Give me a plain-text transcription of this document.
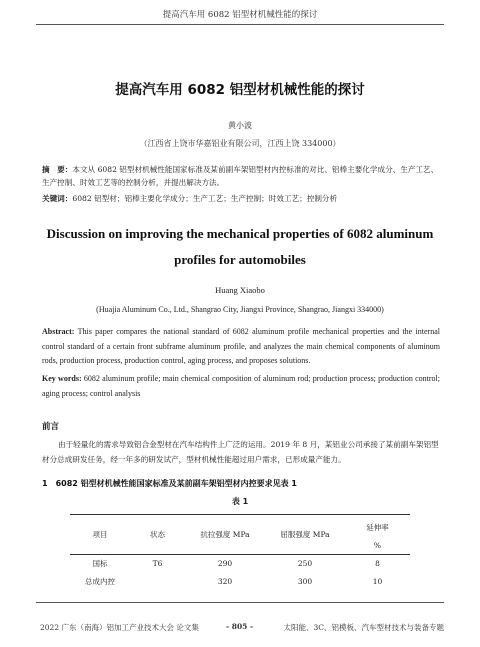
提高汽车用 6082 铝型材机械性能的探讨
提高汽车用 6082 铝型材机械性能的探讨
黄小波
（江西省上饶市华嘉铝业有限公司，江西上饶 334000）
摘　要：本文从 6082 铝型材机械性能国家标准及某前副车架铝型材内控标准的对比、铝棒主要化学成分、生产工艺、生产控制、时效工艺等的控制分析，并提出解决方法。
关键词：6082 铝型材；铝棒主要化学成分；生产工艺；生产控制；时效工艺；控制分析
Discussion on improving the mechanical properties of 6082 aluminum
profiles for automobiles
Huang Xiaobo
(Huajia Aluminum Co., Ltd., Shangrao City, Jiangxi Province, Shangrao, Jiangxi 334000)
Abstract: This paper compares the national standard of 6082 aluminum profile mechanical properties and the internal control standard of a certain front subframe aluminum profile, and analyzes the main chemical components of aluminum rods, production process, production control, aging process, and proposes solutions.
Key words: 6082 aluminum profile; main chemical composition of aluminum rod; production process; production control; aging process; control analysis
前言
由于轻量化的需求导致铝合金型材在汽车结构件上广泛的运用。2019 年 8 月，某铝业公司承接了某前副车架铝型材分总成研发任务，经一年多的研发试产，型材机械性能超过用户需求，已形成量产能力。
1　6082 铝型材机械性能国家标准及某前副车架铝型材内控要求见表 1
表 1
项目	状态	抗拉强度 MPa	屈服强度 MPa	延伸率
				%
国标	T6	290	250	8
总成内控		320	300	10
2022 广东（南海）铝加工产业技术大会 论文集	- 805 -	太阳能、3C、铝模板、汽车型材技术与装备专题
